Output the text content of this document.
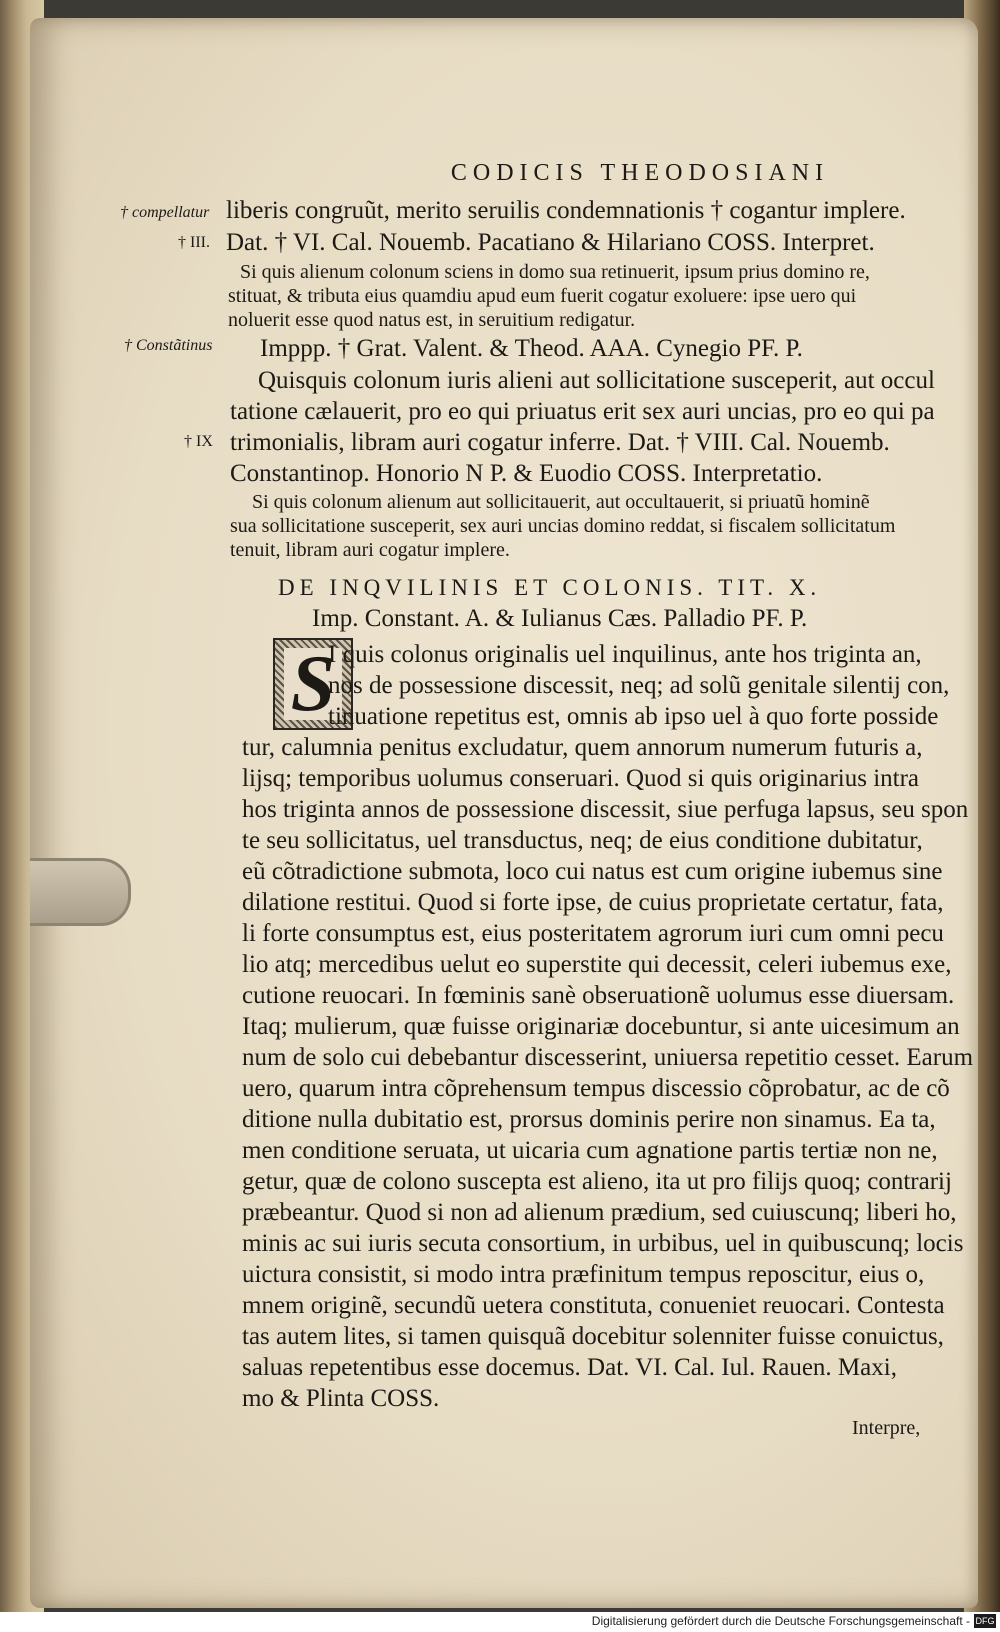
CODICIS THEODOSIANI
† compellatur
† III.
† Constãtinus
† IX
liberis congruũt, merito seruilis condemnationis † cogantur implere.
Dat. † VI. Cal. Nouemb. Pacatiano & Hilariano COSS. Interpret.
Si quis alienum colonum sciens in domo sua retinuerit, ipsum prius domino re,
stituat, & tributa eius quamdiu apud eum fuerit cogatur exoluere: ipse uero qui
noluerit esse quod natus est, in seruitium redigatur.
Imppp. † Grat. Valent. & Theod. AAA. Cynegio PF. P.
Quisquis colonum iuris alieni aut sollicitatione susceperit, aut occul
tatione cælauerit, pro eo qui priuatus erit sex auri uncias, pro eo qui pa
trimonialis, libram auri cogatur inferre. Dat. † VIII. Cal. Nouemb.
Constantinop. Honorio N P. & Euodio COSS. Interpretatio.
Si quis colonum alienum aut sollicitauerit, aut occultauerit, si priuatũ hominẽ
sua sollicitatione susceperit, sex auri uncias domino reddat, si fiscalem sollicitatum
tenuit, libram auri cogatur implere.
DE INQVILINIS ET COLONIS. TIT. X.
Imp. Constant. A. & Iulianus Cæs. Palladio PF. P.
S
I quis colonus originalis uel inquilinus, ante hos triginta an,
nos de possessione discessit, neq; ad solũ genitale silentij con,
tinuatione repetitus est, omnis ab ipso uel à quo forte posside
tur, calumnia penitus excludatur, quem annorum numerum futuris a,
lijsq; temporibus uolumus conseruari. Quod si quis originarius intra
hos triginta annos de possessione discessit, siue perfuga lapsus, seu spon
te seu sollicitatus, uel transductus, neq; de eius conditione dubitatur,
eũ cõtradictione submota, loco cui natus est cum origine iubemus sine
dilatione restitui. Quod si forte ipse, de cuius proprietate certatur, fata,
li forte consumptus est, eius posteritatem agrorum iuri cum omni pecu
lio atq; mercedibus uelut eo superstite qui decessit, celeri iubemus exe,
cutione reuocari. In fœminis sanè obseruationẽ uolumus esse diuersam.
Itaq; mulierum, quæ fuisse originariæ docebuntur, si ante uicesimum an
num de solo cui debebantur discesserint, uniuersa repetitio cesset. Earum
uero, quarum intra cõprehensum tempus discessio cõprobatur, ac de cõ
ditione nulla dubitatio est, prorsus dominis perire non sinamus. Ea ta,
men conditione seruata, ut uicaria cum agnatione partis tertiæ non ne,
getur, quæ de colono suscepta est alieno, ita ut pro filijs quoq; contrarij
præbeantur. Quod si non ad alienum prædium, sed cuiuscunq; liberi ho,
minis ac sui iuris secuta consortium, in urbibus, uel in quibuscunq; locis
uictura consistit, si modo intra præfinitum tempus reposcitur, eius o,
mnem originẽ, secundũ uetera constituta, conueniet reuocari. Contesta
tas autem lites, si tamen quisquã docebitur solenniter fuisse conuictus,
saluas repetentibus esse docemus. Dat. VI. Cal. Iul. Rauen. Maxi,
mo & Plinta COSS.
Interpre,
Digitalisierung gefördert durch die Deutsche Forschungsgemeinschaft - DFG
